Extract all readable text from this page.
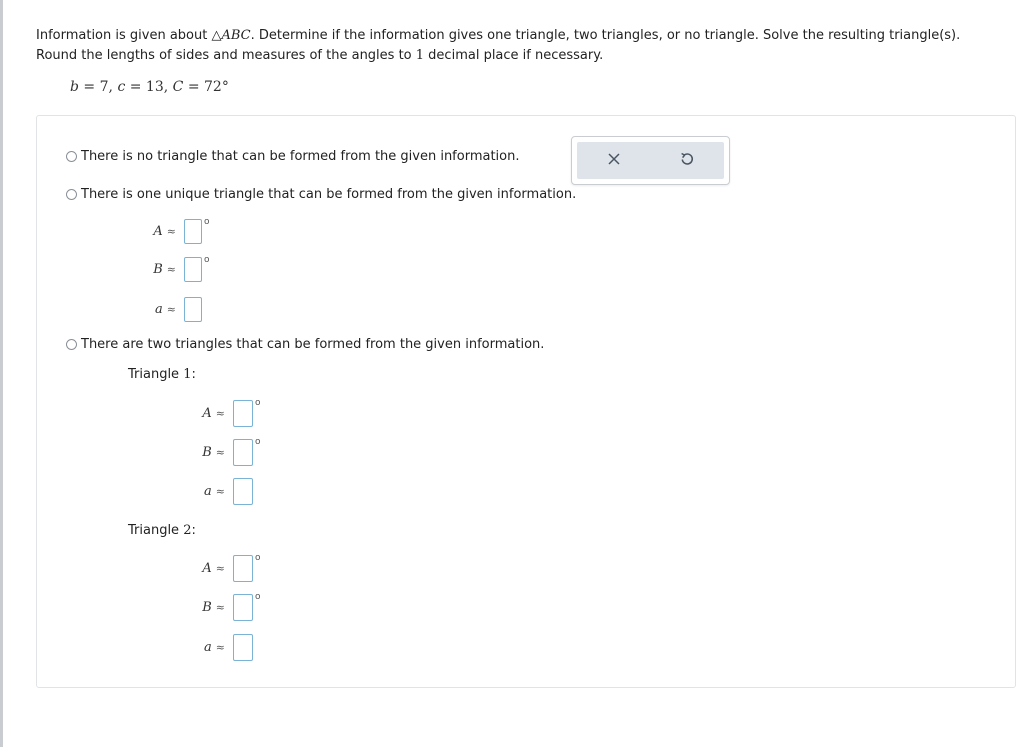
Information is given about △ABC. Determine if the information gives one triangle, two triangles, or no triangle. Solve the resulting triangle(s). Round the lengths of sides and measures of the angles to 1 decimal place if necessary.
b = 7, c = 13, C = 72°
There is no triangle that can be formed from the given information.
There is one unique triangle that can be formed from the given information.
A ≈
o
B ≈
o
a ≈
There are two triangles that can be formed from the given information.
Triangle 1:
A ≈
o
B ≈
o
a ≈
Triangle 2:
A ≈
o
B ≈
o
a ≈
